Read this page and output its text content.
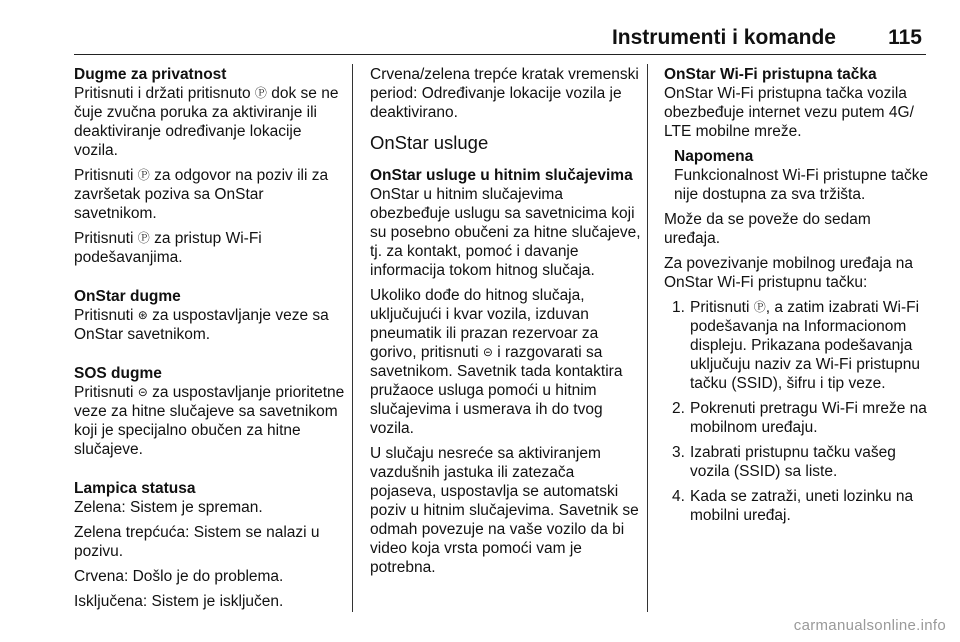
Instrumenti i komande 115
Dugme za privatnost

Pritisnuti i držati pritisnuto Ⓟ dok se ne čuje zvučna poruka za aktiviranje ili deaktiviranje određivanje lokacije vozila.

Pritisnuti Ⓟ za odgovor na poziv ili za završetak poziva sa OnStar savetnikom.

Pritisnuti Ⓟ za pristup Wi-Fi podešavanjima.

OnStar dugme

Pritisnuti ⊛ za uspostavljanje veze sa OnStar savetnikom.

SOS dugme

Pritisnuti ⊝ za uspostavljanje prioritetne veze za hitne slučajeve sa savetnikom koji je specijalno obučen za hitne slučajeve.

Lampica statusa

Zelena: Sistem je spreman.

Zelena trepćuća: Sistem se nalazi u pozivu.

Crvena: Došlo je do problema.

Isključena: Sistem je isključen.

Crvena/zelena trepće kratak vremenski period: Određivanje lokacije vozila je deaktivirano.

OnStar usluge
OnStar usluge u hitnim slučajevima

OnStar u hitnim slučajevima obezbeđuje uslugu sa savetnicima koji su posebno obučeni za hitne slučajeve, tj. za kontakt, pomoć i davanje informacija tokom hitnog slučaja.

Ukoliko dođe do hitnog slučaja, uključujući i kvar vozila, izduvan pneumatik ili prazan rezervoar za gorivo, pritisnuti ⊝ i razgovarati sa savetnikom. Savetnik tada kontaktira pružaoce usluga pomoći u hitnim slučajevima i usmerava ih do tvog vozila.

U slučaju nesreće sa aktiviranjem vazdušnih jastuka ili zatezača pojaseva, uspostavlja se automatski poziv u hitnim slučajevima. Savetnik se odmah povezuje na vaše vozilo da bi video koja vrsta pomoći vam je potrebna.

OnStar Wi-Fi pristupna tačka

OnStar Wi-Fi pristupna tačka vozila obezbeđuje internet vezu putem 4G/ LTE mobilne mreže.

Napomena

Funkcionalnost Wi-Fi pristupne tačke nije dostupna za sva tržišta.

Može da se poveže do sedam uređaja.

Za povezivanje mobilnog uređaja na OnStar Wi-Fi pristupnu tačku:

1. Pritisnuti Ⓟ, a zatim izabrati Wi-Fi podešavanja na Informacionom displeju. Prikazana podešavanja uključuju naziv za Wi-Fi pristupnu tačku (SSID), šifru i tip veze.
2. Pokrenuti pretragu Wi-Fi mreže na mobilnom uređaju.
3. Izabrati pristupnu tačku vašeg vozila (SSID) sa liste.
4. Kada se zatraži, uneti lozinku na mobilni uređaj.
carmanualsonline.info
